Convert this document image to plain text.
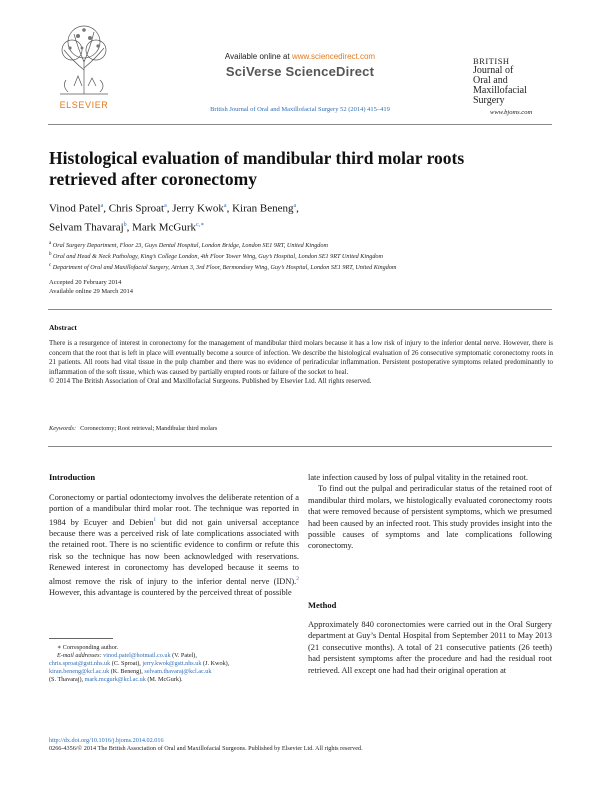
ELSEVIER
Available online at www.sciencedirect.com
SciVerse ScienceDirect
British Journal of Oral and Maxillofacial Surgery 52 (2014) 415–419
BRITISH
Journal of
Oral and
Maxillofacial
Surgery
www.bjoms.com
Histological evaluation of mandibular third molar roots
retrieved after coronectomy
Vinod Patel$^a$, Chris Sproat$^a$, Jerry Kwok$^a$, Kiran Beneng$^a$,
Selvam Thavaraj$^b$, Mark McGurk$^{c,∗}$
$^a$ Oral Surgery Department, Floor 23, Guys Dental Hospital, London Bridge, London SE1 9RT, United Kingdom
$^b$ Oral and Head & Neck Pathology, King’s College London, 4th Floor Tower Wing, Guy’s Hospital, London SE1 9RT United Kingdom
$^c$ Department of Oral and Maxillofacial Surgery, Atrium 3, 3rd Floor, Bermondsey Wing, Guy’s Hospital, London SE1 9RT, United Kingdom
Accepted 20 February 2014
Available online 29 March 2014
Abstract
There is a resurgence of interest in coronectomy for the management of mandibular third molars because it has a low risk of injury to the inferior dental nerve. However, there is concern that the root that is left in place will eventually become a source of infection. We describe the histological evaluation of 26 consecutive symptomatic coronectomy roots in 21 patients. All roots had vital tissue in the pulp chamber and there was no evidence of periradicular inflammation. Persistent postoperative symptoms related predominantly to inflammation of the soft tissue, which was caused by partially erupted roots or failure of the socket to heal.
© 2014 The British Association of Oral and Maxillofacial Surgeons. Published by Elsevier Ltd. All rights reserved.
Keywords: Coronectomy; Root retrieval; Mandibular third molars
Introduction

Coronectomy or partial odontectomy involves the deliberate retention of a portion of a mandibular third molar root. The technique was reported in 1984 by Ecuyer and Debien$^1$ but did not gain universal acceptance because there was a perceived risk of late complications associated with the retained root. There is no scientific evidence to confirm or refute this risk so the technique has now been acknowledged with reservations. Renewed interest in coronectomy has developed because it seems to almost remove the risk of injury to the inferior dental nerve (IDN).$^2$ However, this advantage is countered by the perceived threat of possible

∗ Corresponding author.
E-mail addresses: vinod.patel@hotmail.co.uk (V. Patel),
chris.sproat@gstt.nhs.uk (C. Sproat), jerry.kwok@gstt.nhs.uk (J. Kwok),
kiran.beneng@kcl.ac.uk (K. Beneng), selvam.thavaraj@kcl.ac.uk
(S. Thavaraj), mark.mcgurk@kcl.ac.uk (M. McGurk).

late infection caused by loss of pulpal vitality in the retained root.

To find out the pulpal and periradicular status of the retained root of mandibular third molars, we histologically evaluated coronectomy roots that were removed because of persistent symptoms, which we presumed had been caused by an infected root. This study provides insight into the possible causes of symptoms and late complications following coronectomy.

Method

Approximately 840 coronectomies were carried out in the Oral Surgery department at Guy’s Dental Hospital from September 2011 to May 2013 (21 consecutive months). A total of 21 consecutive patients (26 teeth) had persistent symptoms after the procedure and had the residual root retrieved. All except one had had their original operation at

http://dx.doi.org/10.1016/j.bjoms.2014.02.016
0266-4356/© 2014 The British Association of Oral and Maxillofacial Surgeons. Published by Elsevier Ltd. All rights reserved.
